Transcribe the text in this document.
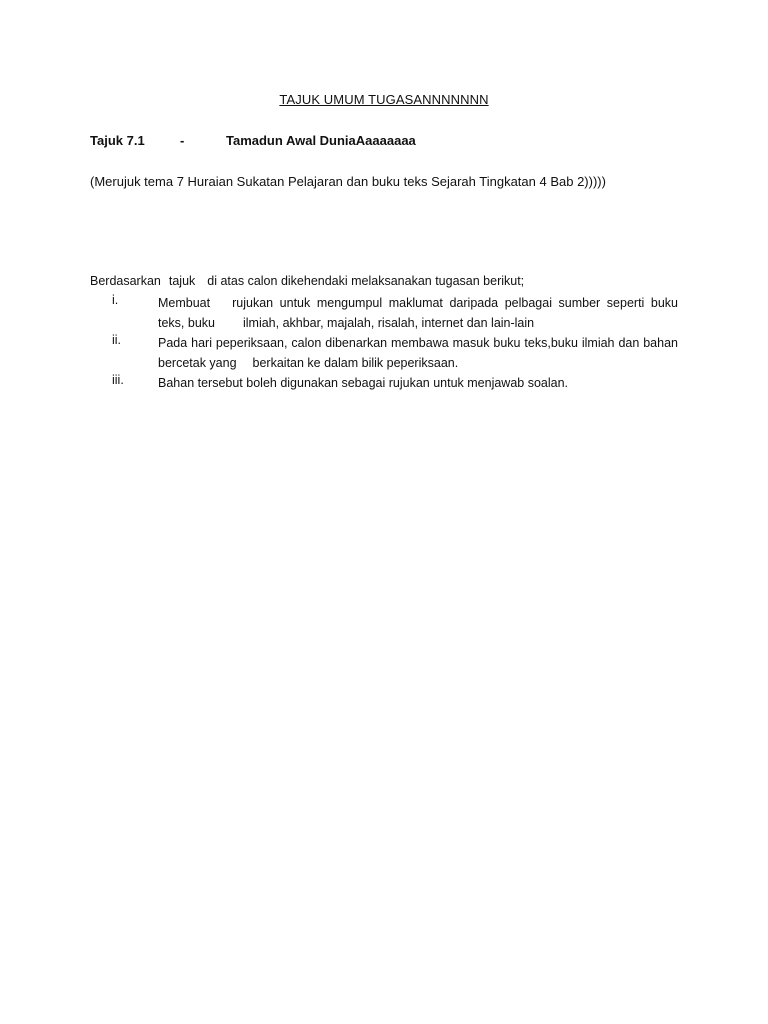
TAJUK UMUM TUGASANNNNNNN
Tajuk 7.1	-	Tamadun Awal DuniaAaaaaaaa
(Merujuk tema 7 Huraian Sukatan Pelajaran dan buku teks Sejarah Tingkatan 4 Bab 2)))))
Berdasarkan tajuk di atas calon dikehendaki melaksanakan tugasan berikut;
i.	Membuat rujukan untuk mengumpul maklumat daripada pelbagai sumber seperti buku
teks, buku ilmiah, akhbar, majalah, risalah, internet dan lain-lain
ii.	Pada hari peperiksaan, calon dibenarkan membawa masuk buku teks,buku ilmiah dan bahan
bercetak yang berkaitan ke dalam bilik peperiksaan.
iii.	Bahan tersebut boleh digunakan sebagai rujukan untuk menjawab soalan.
